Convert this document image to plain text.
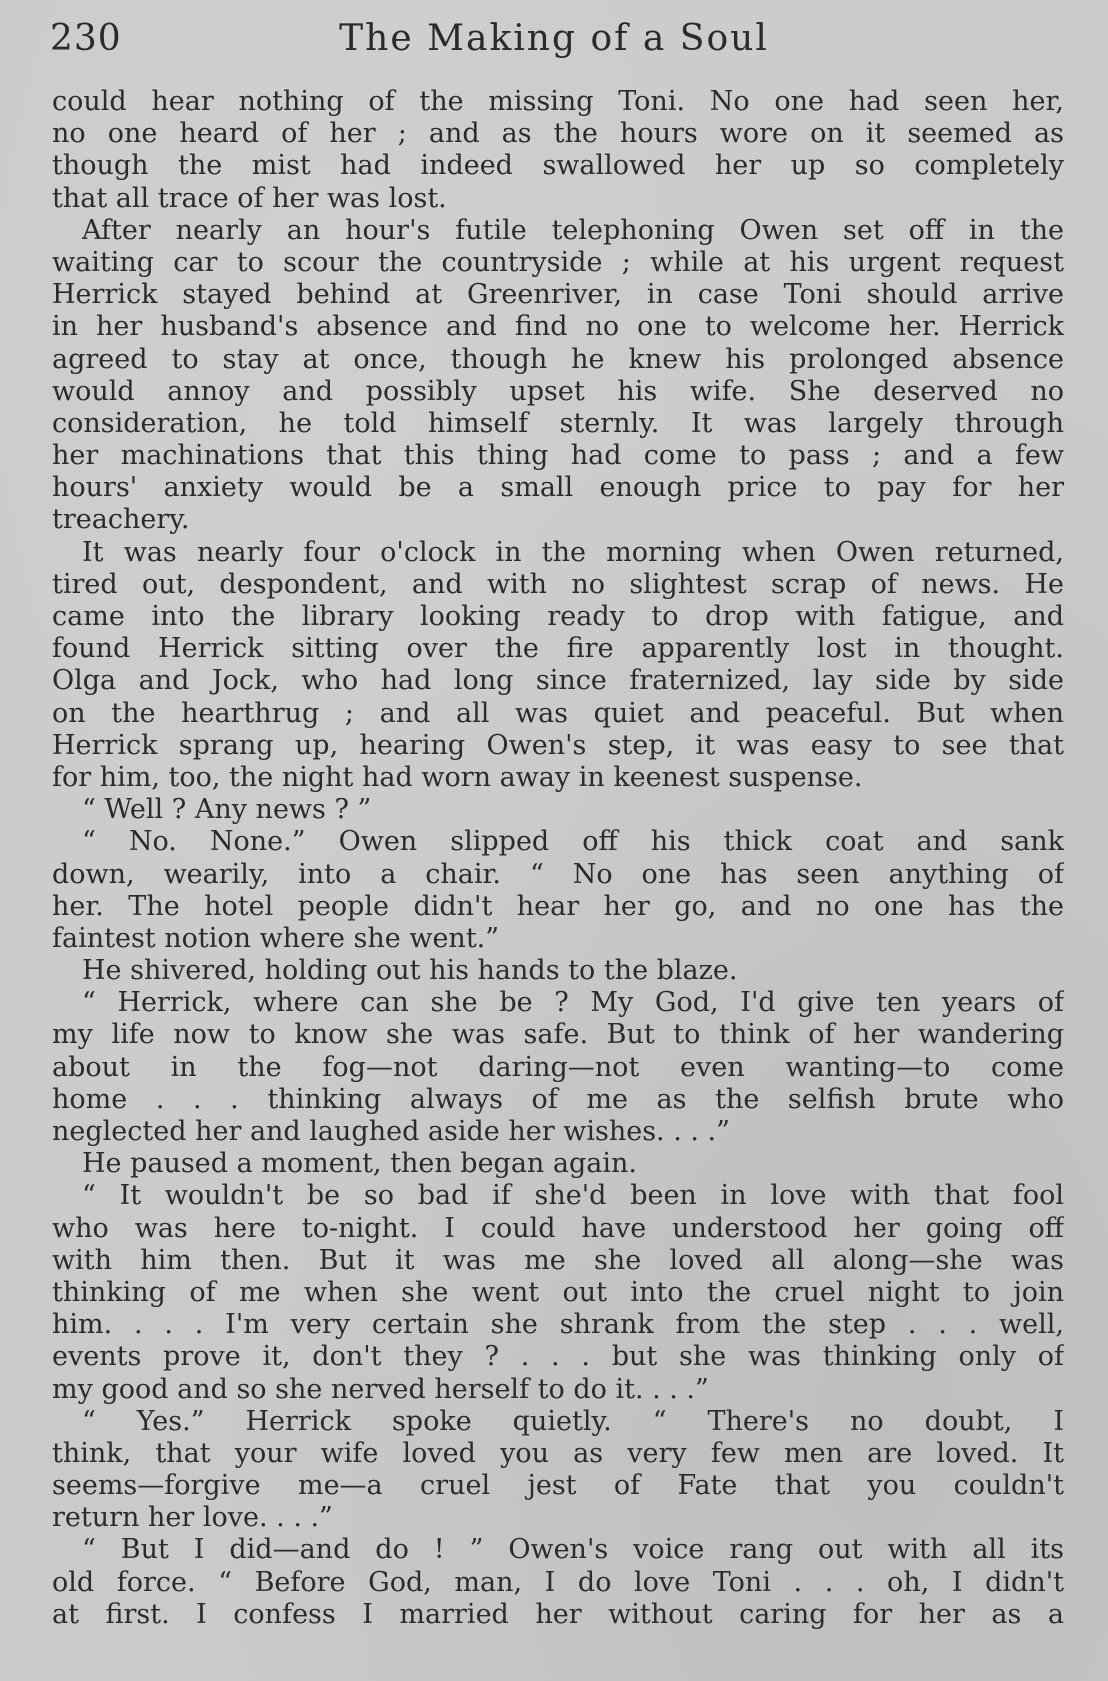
230	The Making of a Soul
could hear nothing of the missing Toni. No one had seen her,
no one heard of her ; and as the hours wore on it seemed as
though the mist had indeed swallowed her up so completely
that all trace of her was lost.
After nearly an hour's futile telephoning Owen set off in the
waiting car to scour the countryside ; while at his urgent request
Herrick stayed behind at Greenriver, in case Toni should arrive
in her husband's absence and find no one to welcome her. Herrick
agreed to stay at once, though he knew his prolonged absence
would annoy and possibly upset his wife. She deserved no
consideration, he told himself sternly. It was largely through
her machinations that this thing had come to pass ; and a few
hours' anxiety would be a small enough price to pay for her
treachery.
It was nearly four o'clock in the morning when Owen returned,
tired out, despondent, and with no slightest scrap of news. He
came into the library looking ready to drop with fatigue, and
found Herrick sitting over the fire apparently lost in thought.
Olga and Jock, who had long since fraternized, lay side by side
on the hearthrug ; and all was quiet and peaceful. But when
Herrick sprang up, hearing Owen's step, it was easy to see that
for him, too, the night had worn away in keenest suspense.
“ Well ? Any news ? ”
“ No. None.” Owen slipped off his thick coat and sank
down, wearily, into a chair. “ No one has seen anything of
her. The hotel people didn't hear her go, and no one has the
faintest notion where she went.”
He shivered, holding out his hands to the blaze.
“ Herrick, where can she be ? My God, I'd give ten years of
my life now to know she was safe. But to think of her wandering
about in the fog—not daring—not even wanting—to come
home . . . thinking always of me as the selfish brute who
neglected her and laughed aside her wishes. . . .”
He paused a moment, then began again.
“ It wouldn't be so bad if she'd been in love with that fool
who was here to-night. I could have understood her going off
with him then. But it was me she loved all along—she was
thinking of me when she went out into the cruel night to join
him. . . . I'm very certain she shrank from the step . . . well,
events prove it, don't they ? . . . but she was thinking only of
my good and so she nerved herself to do it. . . .”
“ Yes.” Herrick spoke quietly. “ There's no doubt, I
think, that your wife loved you as very few men are loved. It
seems—forgive me—a cruel jest of Fate that you couldn't
return her love. . . .”
“ But I did—and do ! ” Owen's voice rang out with all its
old force. “ Before God, man, I do love Toni . . . oh, I didn't
at first. I confess I married her without caring for her as a
